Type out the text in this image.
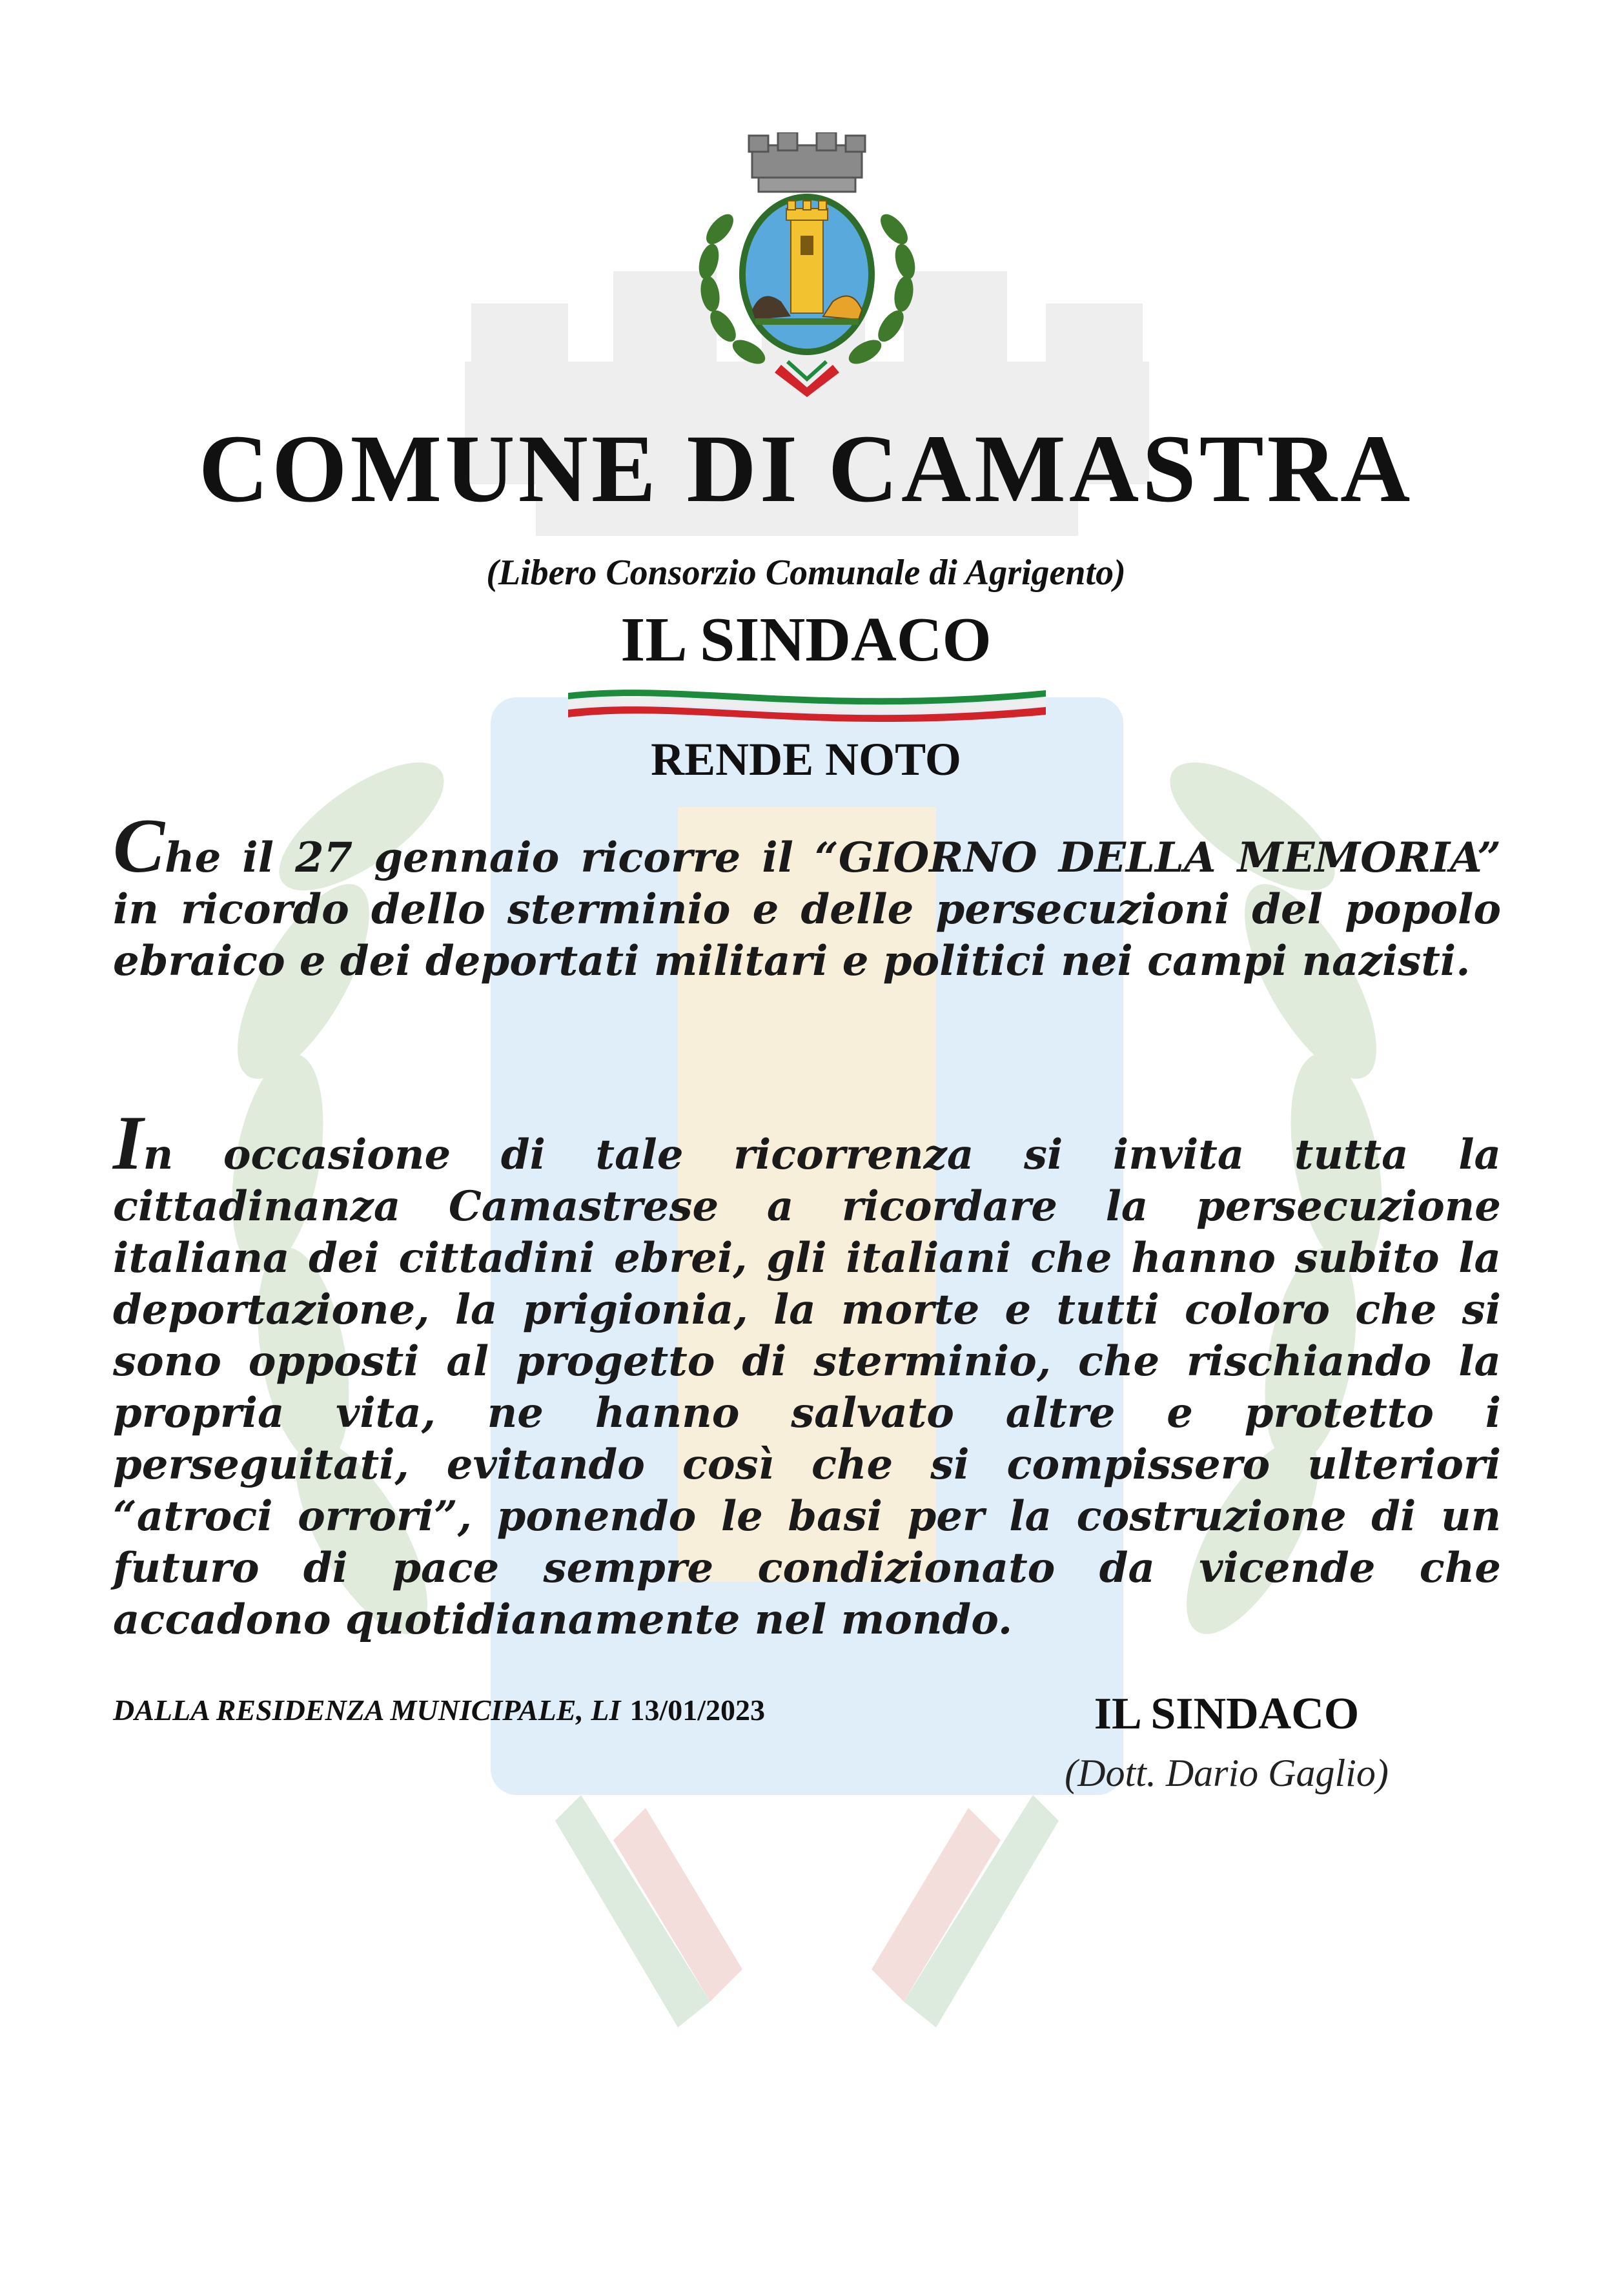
COMUNE DI CAMASTRA
(Libero Consorzio Comunale di Agrigento)
IL SINDACO
RENDE NOTO
Che il 27 gennaio ricorre il “GIORNO DELLA MEMORIA” in ricordo dello sterminio e delle persecuzioni del popolo ebraico e dei deportati militari e politici nei campi nazisti.
In occasione di tale ricorrenza si invita tutta la cittadinanza Camastrese a ricordare la persecuzione italiana dei cittadini ebrei, gli italiani che hanno subito la deportazione, la prigionia, la morte e tutti coloro che si sono opposti al progetto di sterminio, che rischiando la propria vita, ne hanno salvato altre e protetto i perseguitati, evitando così che si compissero ulteriori “atroci orrori”, ponendo le basi per la costruzione di un futuro di pace sempre condizionato da vicende che accadono quotidianamente nel mondo.
DALLA RESIDENZA MUNICIPALE, LI 13/01/2023	IL SINDACO
(Dott. Dario Gaglio)
